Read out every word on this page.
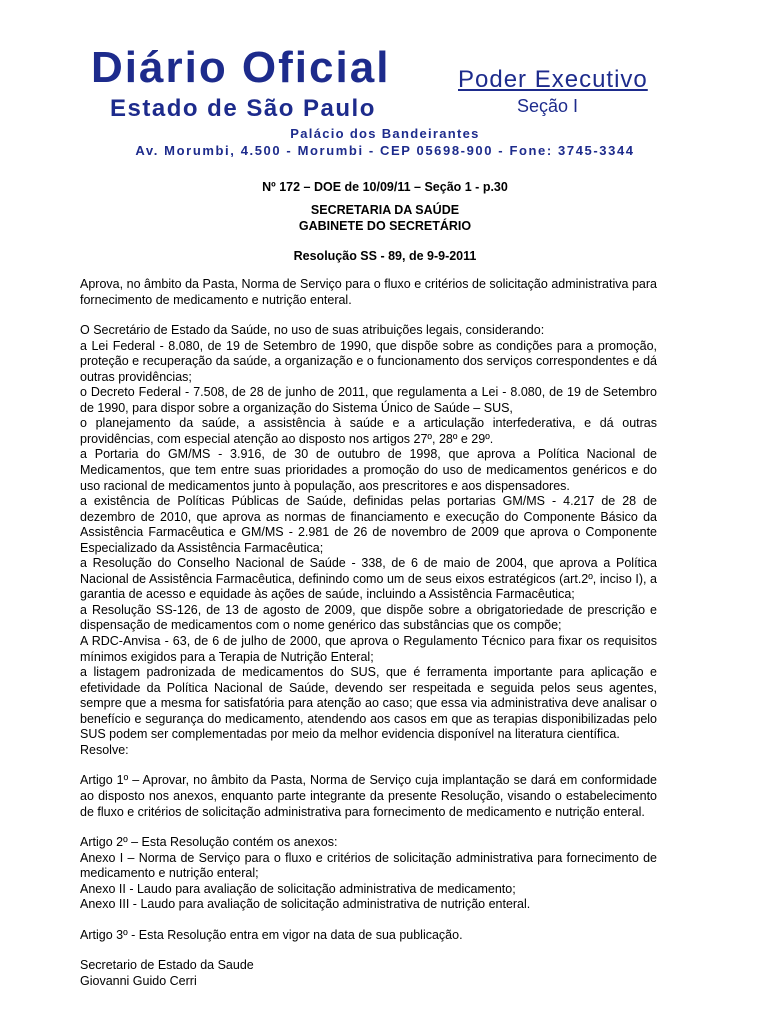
Diário Oficial
Estado de São Paulo
Poder Executivo
Seção I
Palácio dos Bandeirantes
Av. Morumbi, 4.500 - Morumbi - CEP 05698-900 - Fone: 3745-3344
Nº 172 – DOE de 10/09/11 – Seção 1 - p.30
SECRETARIA DA SAÚDE
GABINETE DO SECRETÁRIO
Resolução SS - 89, de 9-9-2011

Aprova, no âmbito da Pasta, Norma de Serviço para o fluxo e critérios de solicitação administrativa para fornecimento de medicamento e nutrição enteral.

O Secretário de Estado da Saúde, no uso de suas atribuições legais, considerando:

a Lei Federal - 8.080, de 19 de Setembro de 1990, que dispõe sobre as condições para a promoção, proteção e recuperação da saúde, a organização e o funcionamento dos serviços correspondentes e dá outras providências;

o Decreto Federal - 7.508, de 28 de junho de 2011, que regulamenta a Lei - 8.080, de 19 de Setembro de 1990, para dispor sobre a organização do Sistema Único de Saúde – SUS,

o planejamento da saúde, a assistência à saúde e a articulação interfederativa, e dá outras providências, com especial atenção ao disposto nos artigos 27º, 28º e 29º.

a Portaria do GM/MS - 3.916, de 30 de outubro de 1998, que aprova a Política Nacional de Medicamentos, que tem entre suas prioridades a promoção do uso de medicamentos genéricos e do uso racional de medicamentos junto à população, aos prescritores e aos dispensadores.

a existência de Políticas Públicas de Saúde, definidas pelas portarias GM/MS - 4.217 de 28 de dezembro de 2010, que aprova as normas de financiamento e execução do Componente Básico da Assistência Farmacêutica e GM/MS - 2.981 de 26 de novembro de 2009 que aprova o Componente Especializado da Assistência Farmacêutica;

a Resolução do Conselho Nacional de Saúde - 338, de 6 de maio de 2004, que aprova a Política Nacional de Assistência Farmacêutica, definindo como um de seus eixos estratégicos (art.2º, inciso I), a garantia de acesso e equidade às ações de saúde, incluindo a Assistência Farmacêutica;

a Resolução SS-126, de 13 de agosto de 2009, que dispõe sobre a obrigatoriedade de prescrição e dispensação de medicamentos com o nome genérico das substâncias que os compõe;

A RDC-Anvisa - 63, de 6 de julho de 2000, que aprova o Regulamento Técnico para fixar os requisitos mínimos exigidos para a Terapia de Nutrição Enteral;

a listagem padronizada de medicamentos do SUS, que é ferramenta importante para aplicação e efetividade da Política Nacional de Saúde, devendo ser respeitada e seguida pelos seus agentes, sempre que a mesma for satisfatória para atenção ao caso; que essa via administrativa deve analisar o benefício e segurança do medicamento, atendendo aos casos em que as terapias disponibilizadas pelo SUS podem ser complementadas por meio da melhor evidencia disponível na literatura científica.

Resolve:

Artigo 1º – Aprovar, no âmbito da Pasta, Norma de Serviço cuja implantação se dará em conformidade ao disposto nos anexos, enquanto parte integrante da presente Resolução, visando o estabelecimento de fluxo e critérios de solicitação administrativa para fornecimento de medicamento e nutrição enteral.

Artigo 2º – Esta Resolução contém os anexos:

Anexo I – Norma de Serviço para o fluxo e critérios de solicitação administrativa para fornecimento de medicamento e nutrição enteral;

Anexo II - Laudo para avaliação de solicitação administrativa de medicamento;

Anexo III - Laudo para avaliação de solicitação administrativa de nutrição enteral.

Artigo 3º - Esta Resolução entra em vigor na data de sua publicação.

Secretario de Estado da Saude

Giovanni Guido Cerri
